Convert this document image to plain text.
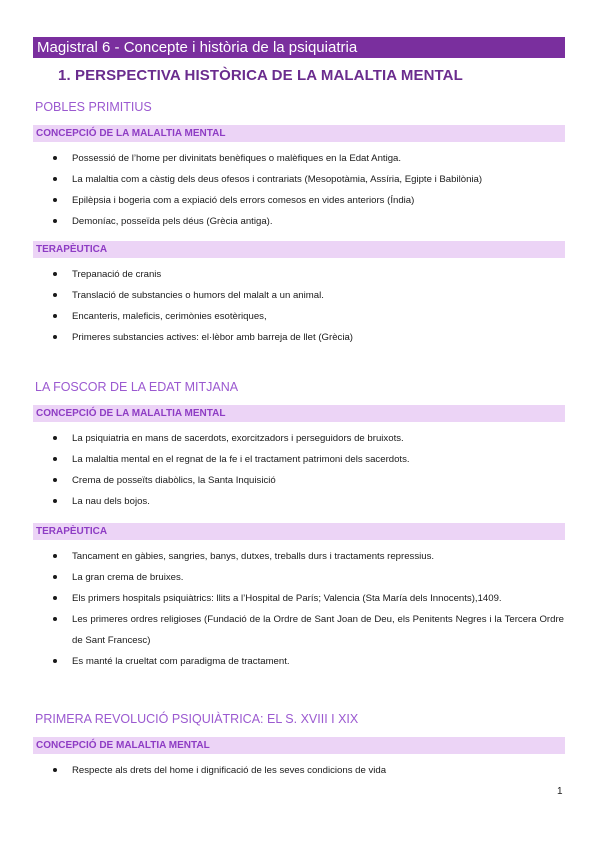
Magistral 6 - Concepte i història de la psiquiatria
1. PERSPECTIVA HISTÒRICA DE LA MALALTIA MENTAL
POBLES PRIMITIUS
CONCEPCIÓ DE LA MALALTIA MENTAL
Possessió de l’home per divinitats benèfiques o malèfiques en la Edat Antiga.
La malaltia com a càstig dels deus ofesos i contrariats (Mesopotàmia, Assíria, Egipte i Babilònia)
Epilèpsia i bogeria com a expiació dels errors comesos en vides anteriors (Índia)
Demoníac, posseïda pels déus (Grècia antiga).
TERAPÈUTICA
Trepanació de cranis
Translació de substancies o humors del malalt a un animal.
Encanteris, maleficis, cerimònies esotèriques,
Primeres substancies actives: el·lèbor amb barreja de llet (Grècia)
LA FOSCOR DE LA EDAT MITJANA
CONCEPCIÓ DE LA MALALTIA MENTAL
La psiquiatria en mans de sacerdots, exorcitzadors i perseguidors de bruixots.
La malaltia mental en el regnat de la fe i el tractament patrimoni dels sacerdots.
Crema de posseïts diabòlics, la Santa Inquisició
La nau dels bojos.
TERAPÈUTICA
Tancament en gàbies, sangries, banys, dutxes, treballs durs i tractaments repressius.
La gran crema de bruixes.
Els primers hospitals psiquiàtrics: llits a l’Hospital de París; Valencia (Sta María dels Innocents),1409.
Les primeres ordres religioses (Fundació de la Ordre de Sant Joan de Deu, els Penitents Negres i la Tercera Ordre de Sant Francesc)
Es manté la crueltat com paradigma de tractament.
PRIMERA REVOLUCIÓ PSIQUIÀTRICA: EL S. XVIII I XIX
CONCEPCIÓ DE MALALTIA MENTAL
Respecte als drets del home i dignificació de les seves condicions de vida
1
